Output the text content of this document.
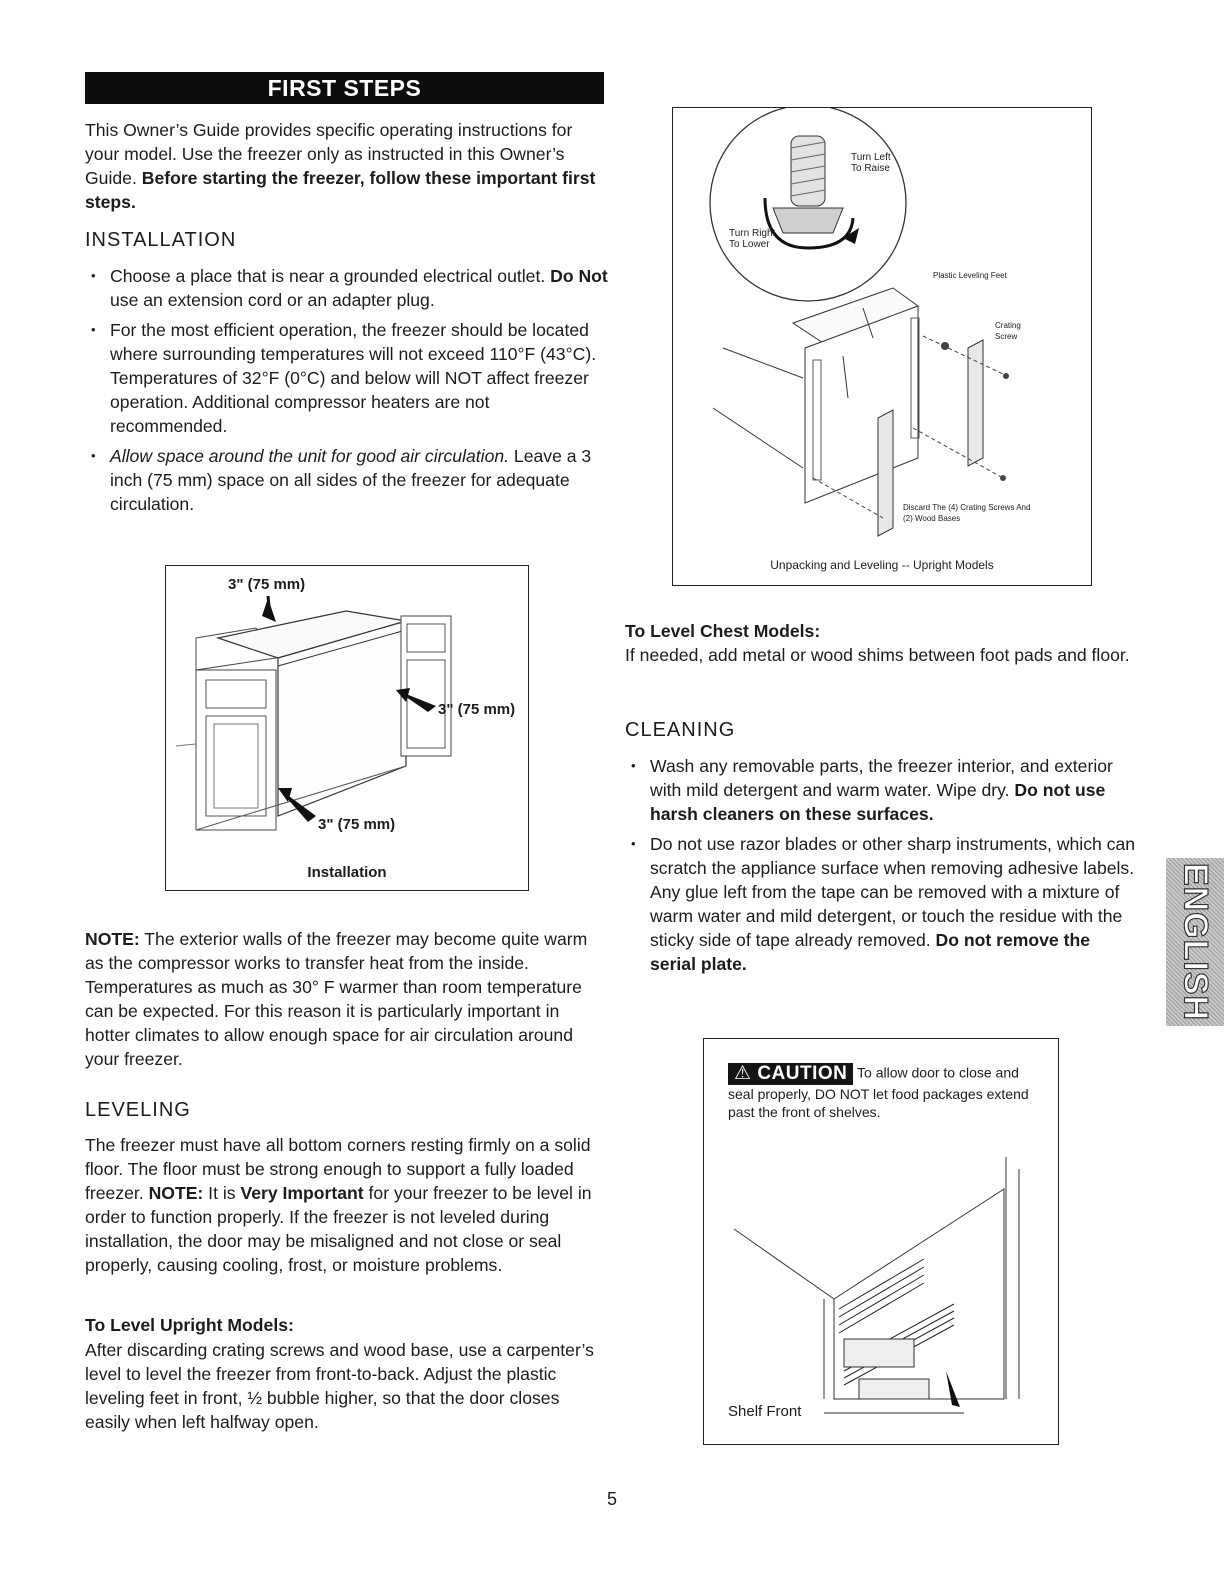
FIRST STEPS
This Owner’s Guide provides specific operating instructions for your model. Use the freezer only as instructed in this Owner’s Guide. Before starting the freezer, follow these important first steps.
INSTALLATION
• Choose a place that is near a grounded electrical outlet. Do Not use an extension cord or an adapter plug.
• For the most efficient operation, the freezer should be located where surrounding temperatures will not exceed 110°F (43°C). Temperatures of 32°F (0°C) and below will NOT affect freezer operation. Additional compressor heaters are not recommended.
• Allow space around the unit for good air circulation. Leave a 3 inch (75 mm) space on all sides of the freezer for adequate circulation.
3" (75 mm)
3" (75 mm)
3" (75 mm)
Installation
NOTE: The exterior walls of the freezer may become quite warm as the compressor works to transfer heat from the inside. Temperatures as much as 30° F warmer than room temperature can be expected. For this reason it is particularly important in hotter climates to allow enough space for air circulation around your freezer.
LEVELING
The freezer must have all bottom corners resting firmly on a solid floor. The floor must be strong enough to support a fully loaded freezer. NOTE: It is Very Important for your freezer to be level in order to function properly. If the freezer is not leveled during installation, the door may be misaligned and not close or seal properly, causing cooling, frost, or moisture problems.
To Level Upright Models:
After discarding crating screws and wood base, use a carpenter’s level to level the freezer from front-to-back. Adjust the plastic leveling feet in front, ½ bubble higher, so that the door closes easily when left halfway open.
Turn Left To Raise
Turn Right To Lower
Plastic Leveling Feet
Crating Screw
Discard The (4) Crating Screws And (2) Wood Bases
Unpacking and Leveling -- Upright Models
To Level Chest Models:
If needed, add metal or wood shims between foot pads and floor.
CLEANING
• Wash any removable parts, the freezer interior, and exterior with mild detergent and warm water. Wipe dry. Do not use harsh cleaners on these surfaces.
• Do not use razor blades or other sharp instruments, which can scratch the appliance surface when removing adhesive labels. Any glue left from the tape can be removed with a mixture of warm water and mild detergent, or touch the residue with the sticky side of tape already removed. Do not remove the serial plate.
⚠ CAUTION To allow door to close and seal properly, DO NOT let food packages extend past the front of shelves.
Shelf Front
ENGLISH
5
